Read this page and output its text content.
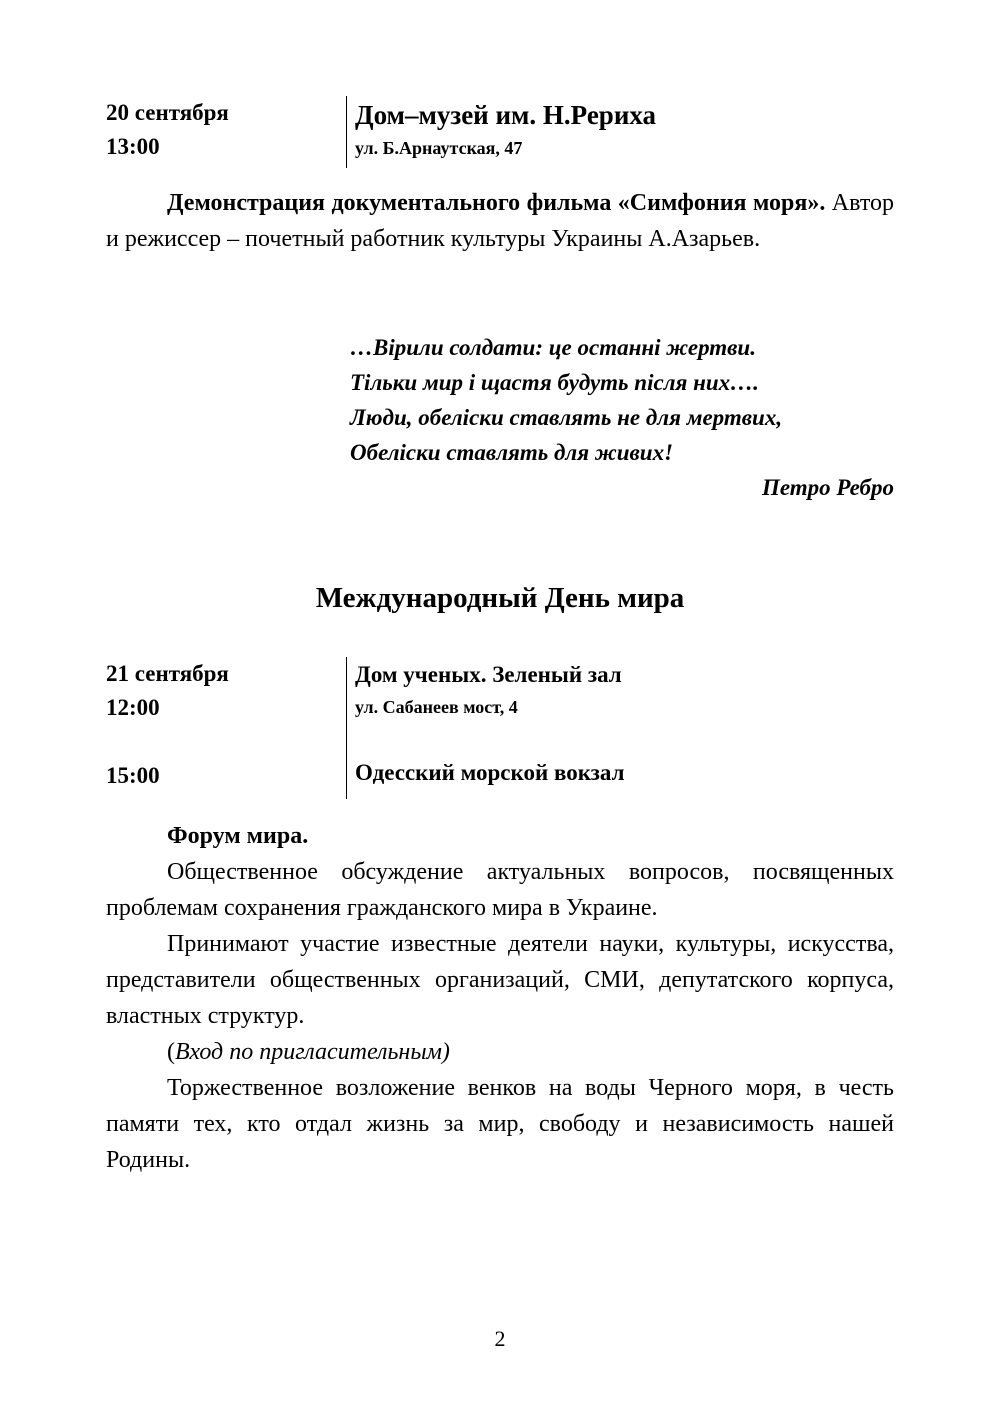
20 сентября
13:00
Дом–музей им. Н.Рериха
ул. Б.Арнаутская, 47
Демонстрация документального фильма «Симфония моря». Автор и режиссер – почетный работник культуры Украины А.Азарьев.
…Вірили солдати: це останні жертви.
Тільки мир і щастя будуть після них….
Люди, обеліски ставлять не для мертвих,
Обеліски ставлять для живих!
Петро Ребро
Международный День мира
21 сентября
12:00
15:00
Дом ученых. Зеленый зал
ул. Сабанеев мост, 4
Одесский морской вокзал
Форум мира.
Общественное обсуждение актуальных вопросов, посвященных проблемам сохранения гражданского мира в Украине.
Принимают участие известные деятели науки, культуры, искусства, представители общественных организаций, СМИ, депутатского корпуса, властных структур.
(Вход по пригласительным)
Торжественное возложение венков на воды Черного моря, в честь памяти тех, кто отдал жизнь за мир, свободу и независимость нашей Родины.
2
